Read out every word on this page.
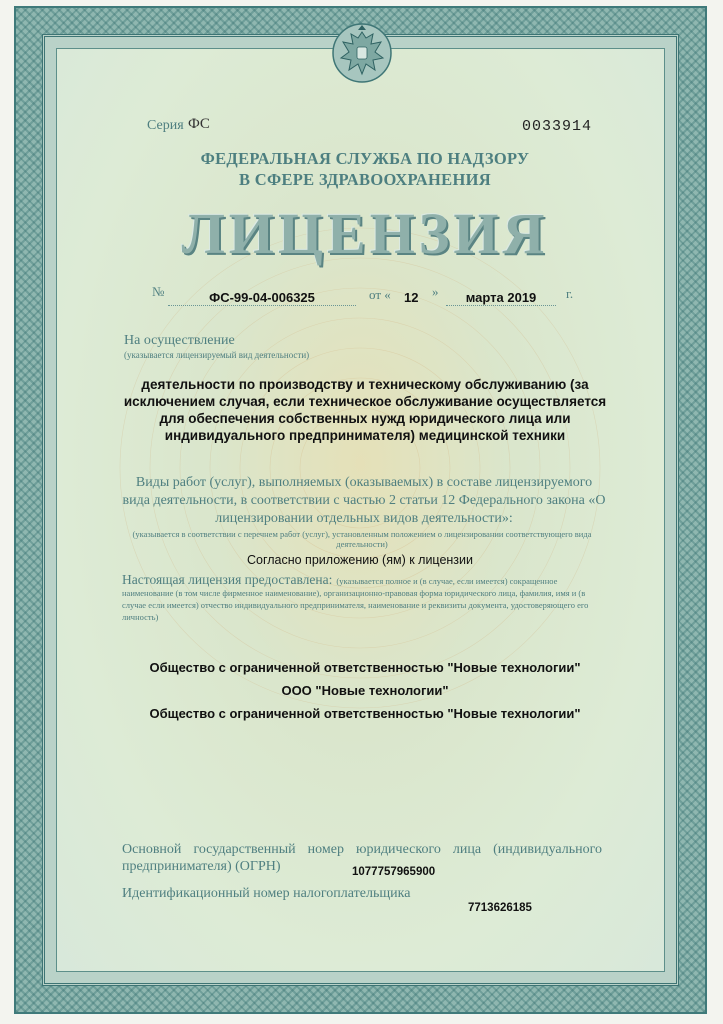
Серия ФС	0033914
ФЕДЕРАЛЬНАЯ СЛУЖБА ПО НАДЗОРУ
В СФЕРЕ ЗДРАВООХРАНЕНИЯ
ЛИЦЕНЗИЯ
№	ФС-99-04-006325	от « 12 »	марта 2019	г.
На осуществление
(указывается лицензируемый вид деятельности)
деятельности по производству и техническому обслуживанию (за исключением случая, если техническое обслуживание осуществляется для обеспечения собственных нужд юридического лица или индивидуального предпринимателя) медицинской техники
Виды работ (услуг), выполняемых (оказываемых) в составе лицензируемого вида деятельности, в соответствии с частью 2 статьи 12 Федерального закона «О лицензировании отдельных видов деятельности»:
(указывается в соответствии с перечнем работ (услуг), установленным положением о лицензировании соответствующего вида деятельности)
Согласно приложению (ям) к лицензии
Настоящая лицензия предоставлена: (указывается полное и (в случае, если имеется) сокращенное наименование (в том числе фирменное наименование), организационно-правовая форма юридического лица, фамилия, имя и (в случае если имеется) отчество индивидуального предпринимателя, наименование и реквизиты документа, удостоверяющего его личность)
Общество с ограниченной ответственностью "Новые технологии"
ООО "Новые технологии"
Общество с ограниченной ответственностью "Новые технологии"
Основной государственный номер юридического лица (индивидуального предпринимателя) (ОГРН)	1077757965900
Идентификационный номер налогоплательщика
7713626185
